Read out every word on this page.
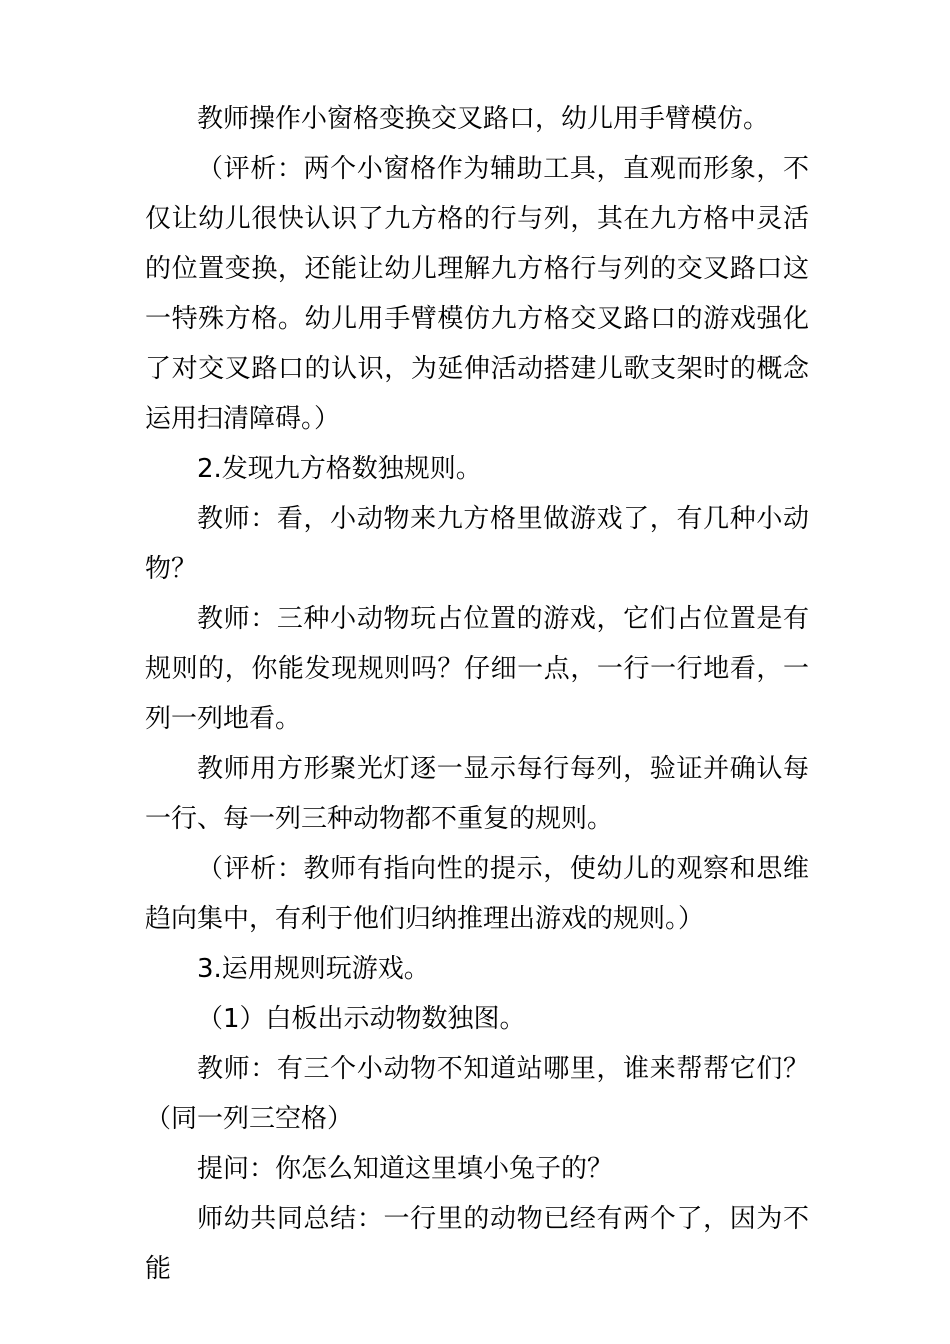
教师操作小窗格变换交叉路口，幼儿用手臂模仿。

（评析：两个小窗格作为辅助工具，直观而形象，不仅让幼儿很快认识了九方格的行与列，其在九方格中灵活的位置变换，还能让幼儿理解九方格行与列的交叉路口这一特殊方格。幼儿用手臂模仿九方格交叉路口的游戏强化了对交叉路口的认识，为延伸活动搭建儿歌支架时的概念运用扫清障碍。）

2.发现九方格数独规则。

教师：看，小动物来九方格里做游戏了，有几种小动物？

教师：三种小动物玩占位置的游戏，它们占位置是有规则的，你能发现规则吗？仔细一点，一行一行地看，一列一列地看。

教师用方形聚光灯逐一显示每行每列，验证并确认每一行、每一列三种动物都不重复的规则。

（评析：教师有指向性的提示，使幼儿的观察和思维趋向集中，有利于他们归纳推理出游戏的规则。）

3.运用规则玩游戏。

（1）白板出示动物数独图。

教师：有三个小动物不知道站哪里，谁来帮帮它们？（同一列三空格）

提问：你怎么知道这里填小兔子的？

师幼共同总结：一行里的动物已经有两个了，因为不能
